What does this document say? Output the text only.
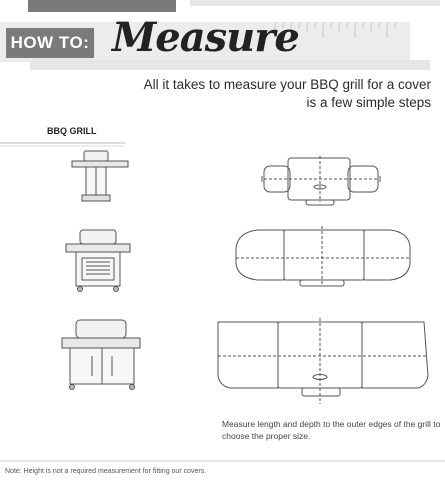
HOW TO: Measure
All it takes to measure your BBQ grill for a cover is a few simple steps
BBQ GRILL
Measure length and depth to the outer edges of the grill to choose the proper size.
Note: Height is not a required measurement for fitting our covers.
